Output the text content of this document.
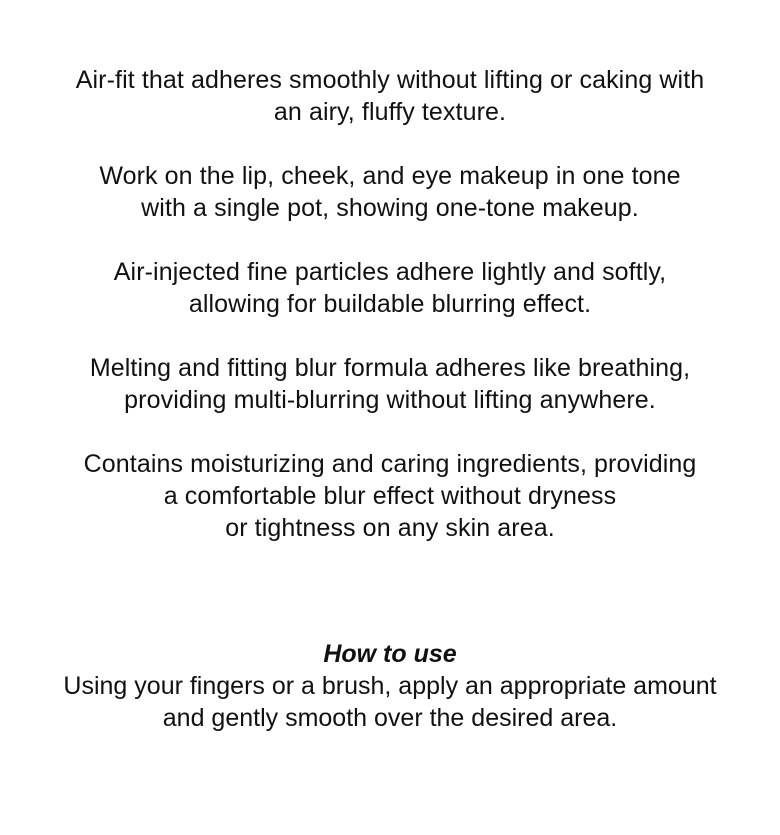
Air-fit that adheres smoothly without lifting or caking with
an airy, fluffy texture.

Work on the lip, cheek, and eye makeup in one tone
with a single pot, showing one-tone makeup.

Air-injected fine particles adhere lightly and softly,
allowing for buildable blurring effect.

Melting and fitting blur formula adheres like breathing,
providing multi-blurring without lifting anywhere.

Contains moisturizing and caring ingredients, providing
a comfortable blur effect without dryness
or tightness on any skin area.

How to use
Using your fingers or a brush, apply an appropriate amount
and gently smooth over the desired area.
